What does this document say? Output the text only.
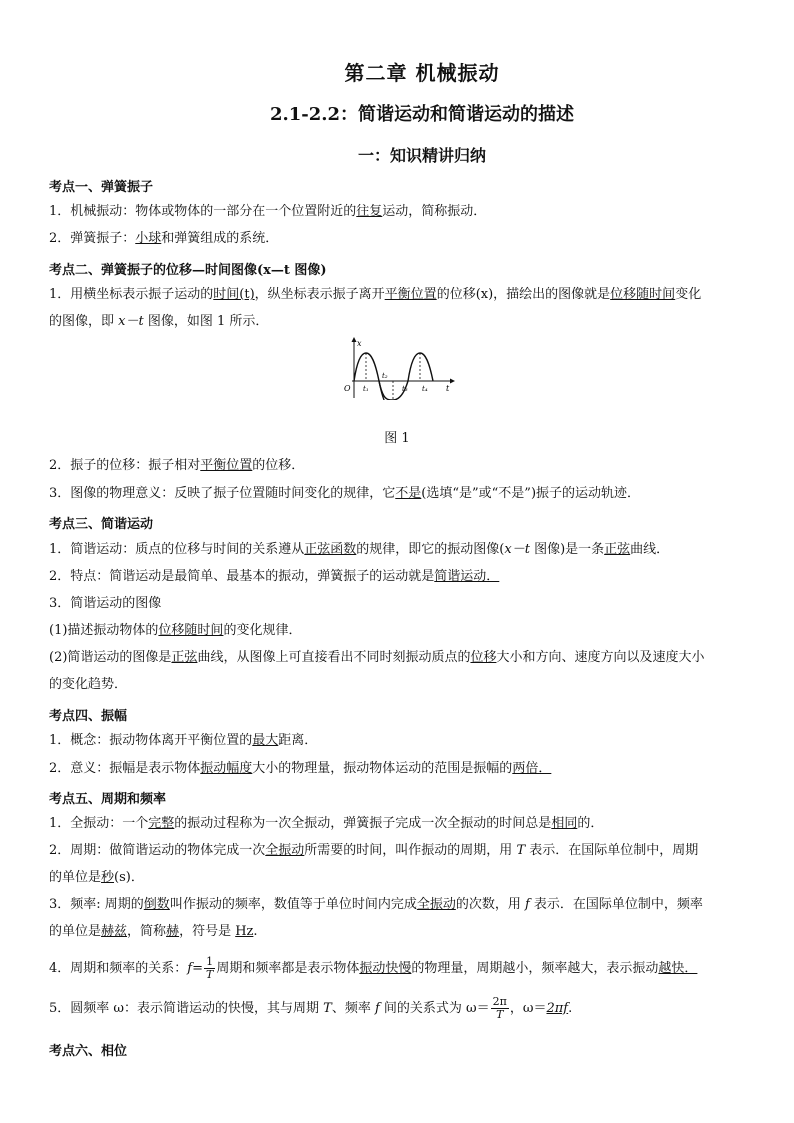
第二章 机械振动
2.1-2.2：简谐运动和简谐运动的描述
一：知识精讲归纳
考点一、弹簧振子
1．机械振动：物体或物体的一部分在一个位置附近的往复运动，简称振动．
2．弹簧振子：小球和弹簧组成的系统．
考点二、弹簧振子的位移—时间图像(x—t 图像)
1．用横坐标表示振子运动的时间(t)，纵坐标表示振子离开平衡位置的位移(x)，描绘出的图像就是位移随时间变化
的图像，即 x－t 图像，如图 1 所示．
x
t
O t₁
t₂
t₃ t₄
图 1
2．振子的位移：振子相对平衡位置的位移．
3．图像的物理意义：反映了振子位置随时间变化的规律，它不是(选填“是”或“不是”)振子的运动轨迹．
考点三、简谐运动
1．简谐运动：质点的位移与时间的关系遵从正弦函数的规律，即它的振动图像(x－t 图像)是一条正弦曲线．
2．特点：简谐运动是最简单、最基本的振动，弹簧振子的运动就是简谐运动．
3．简谐运动的图像
(1)描述振动物体的位移随时间的变化规律．
(2)简谐运动的图像是正弦曲线，从图像上可直接看出不同时刻振动质点的位移大小和方向、速度方向以及速度大小
的变化趋势．
考点四、振幅
1．概念：振动物体离开平衡位置的最大距离．
2．意义：振幅是表示物体振动幅度大小的物理量，振动物体运动的范围是振幅的两倍．
考点五、周期和频率
1．全振动：一个完整的振动过程称为一次全振动，弹簧振子完成一次全振动的时间总是相同的．
2．周期：做简谐运动的物体完成一次全振动所需要的时间，叫作振动的周期，用 T 表示．在国际单位制中，周期
的单位是秒(s)．
3．频率: 周期的倒数叫作振动的频率，数值等于单位时间内完成全振动的次数，用 f 表示．在国际单位制中，频率
的单位是赫兹，简称赫，符号是 Hz.
4．周期和频率的关系：$f= \frac{1}{T}$ 周期和频率都是表示物体振动快慢的物理量，周期越小，频率越大，表示振动越快．
5．圆频率 ω：表示简谐运动的快慢，其与周期 T、频率 f 间的关系式为 $\omega= \frac{2\pi}{T}$ ，ω＝2πf.
考点六、相位
